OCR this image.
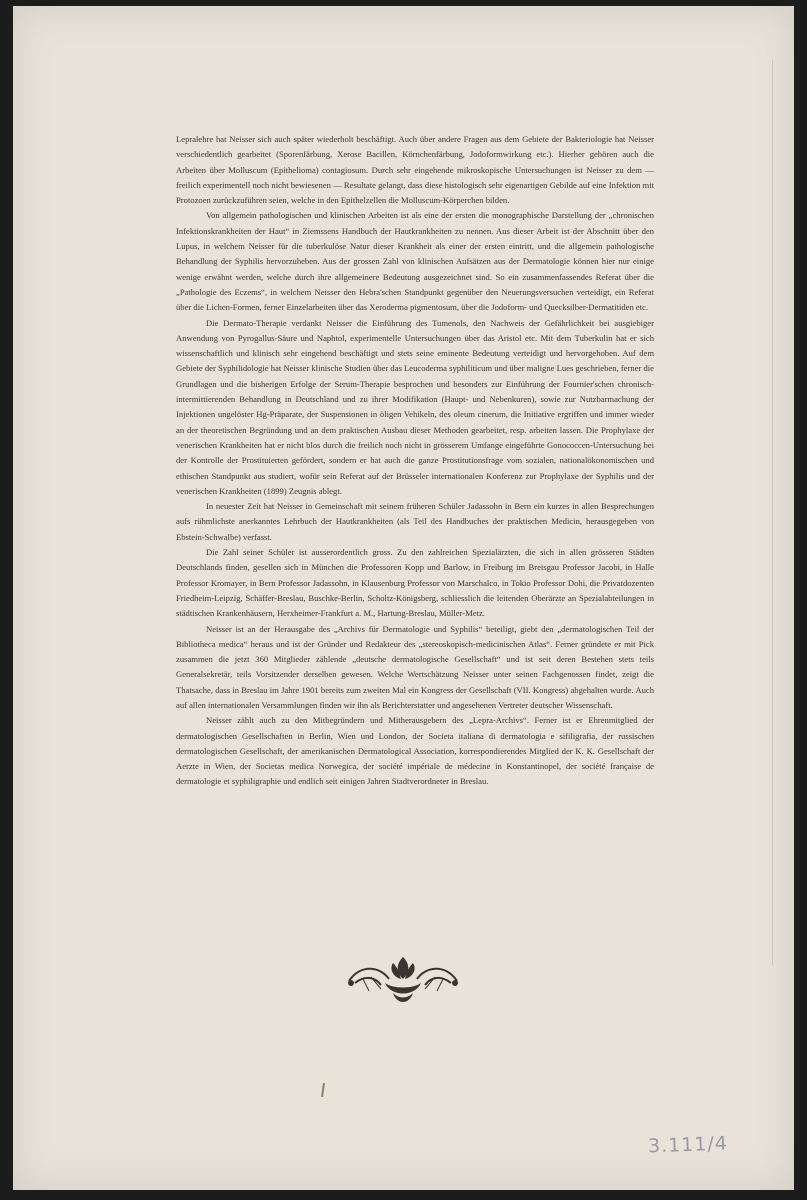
Lepralehre hat Neisser sich auch später wiederholt beschäftigt. Auch über andere Fragen aus dem Gebiete der Bakteriologie hat Neisser verschiedentlich gearbeitet (Sporenfärbung, Xerose Bacillen, Körnchenfärbung, Jodoformwirkung etc.). Hierher gehören auch die Arbeiten über Molluscum (Epithelioma) contagiosum. Durch sehr eingehende mikroskopische Untersuchungen ist Neisser zu dem — freilich experimentell noch nicht bewiesenen — Resultate gelangt, dass diese histologisch sehr eigenartigen Gebilde auf eine Infektion mit Protozoen zurückzuführen seien, welche in den Epithelzellen die Molluscum-Körperchen bilden.

Von allgemein pathologischen und klinischen Arbeiten ist als eine der ersten die monographische Darstellung der „chronischen Infektionskrankheiten der Haut“ in Ziemssens Handbuch der Hautkrankheiten zu nennen. Aus dieser Arbeit ist der Abschnitt über den Lupus, in welchem Neisser für die tuberkulöse Natur dieser Krankheit als einer der ersten eintritt, und die allgemein pathologische Behandlung der Syphilis hervorzuheben. Aus der grossen Zahl von klinischen Aufsätzen aus der Dermatologie können hier nur einige wenige erwähnt werden, welche durch ihre allgemeinere Bedeutung ausgezeichnet sind. So ein zusammenfassendes Referat über die „Pathologie des Eczems“, in welchem Neisser den Hebra'schen Standpunkt gegenüber den Neuerungsversuchen verteidigt, ein Referat über die Lichen-Formen, ferner Einzelarbeiten über das Xeroderma pigmentosum, über die Jodoform- und Quecksilber-Dermatitiden etc.

Die Dermato-Therapie verdankt Neisser die Einführung des Tumenols, den Nachweis der Gefährlichkeit bei ausgiebiger Anwendung von Pyrogallus-Säure und Naphtol, experimentelle Untersuchungen über das Aristol etc. Mit dem Tuberkulin hat er sich wissenschaftlich und klinisch sehr eingehend beschäftigt und stets seine eminente Bedeutung verteidigt und hervorgehoben. Auf dem Gebiete der Syphilidologie hat Neisser klinische Studien über das Leucoderma syphiliticum und über maligne Lues geschrieben, ferner die Grundlagen und die bisherigen Erfolge der Serum-Therapie besprochen und besonders zur Einführung der Fournier'schen chronisch-intermittierenden Behandlung in Deutschland und zu ihrer Modifikation (Haupt- und Nebenkuren), sowie zur Nutzbarmachung der Injektionen ungelöster Hg-Präparate, der Suspensionen in öligen Vehikeln, des oleum cinerum, die Initiative ergriffen und immer wieder an der theoretischen Begründung und an dem praktischen Ausbau dieser Methoden gearbeitet, resp. arbeiten lassen. Die Prophylaxe der venerischen Krankheiten hat er nicht blos durch die freilich noch nicht in grösserem Umfange eingeführte Gonococcen-Untersuchung bei der Kontrolle der Prostituierten gefördert, sondern er hat auch die ganze Prostitutionsfrage vom sozialen, nationalökonomischen und ethischen Standpunkt aus studiert, wofür sein Referat auf der Brüsseler internationalen Konferenz zur Prophylaxe der Syphilis und der venerischen Krankheiten (1899) Zeugnis ablegt.

In neuester Zeit hat Neisser in Gemeinschaft mit seinem früheren Schüler Jadassohn in Bern ein kurzes in allen Besprechungen aufs rühmlichste anerkanntes Lehrbuch der Hautkrankheiten (als Teil des Handbuches der praktischen Medicin, herausgegeben von Ebstein-Schwalbe) verfasst.

Die Zahl seiner Schüler ist ausserordentlich gross. Zu den zahlreichen Spezialärzten, die sich in allen grösseren Städten Deutschlands finden, gesellen sich in München die Professoren Kopp und Barlow, in Freiburg im Breisgau Professor Jacobi, in Halle Professor Kromayer, in Bern Professor Jadassohn, in Klausenburg Professor von Marschalco, in Tokio Professor Dohi, die Privatdozenten Friedheim-Leipzig, Schäffer-Breslau, Buschke-Berlin, Scholtz-Königsberg, schliesslich die leitenden Oberärzte an Spezialabteilungen in städtischen Krankenhäusern, Herxheimer-Frankfurt a. M., Hartung-Breslau, Müller-Metz.

Neisser ist an der Herausgabe des „Archivs für Dermatologie und Syphilis“ beteiligt, giebt den „dermatologischen Teil der Bibliotheca medica“ heraus und ist der Gründer und Redakteur des „stereoskopisch-medicinischen Atlas“. Ferner gründete er mit Pick zusammen die jetzt 360 Mitglieder zählende „deutsche dermatologische Gesellschaft“ und ist seit deren Bestehen stets teils Generalsekretär, teils Vorsitzender derselben gewesen. Welche Wertschätzung Neisser unter seinen Fachgenossen findet, zeigt die Thatsache, dass in Breslau im Jahre 1901 bereits zum zweiten Mal ein Kongress der Gesellschaft (VII. Kongress) abgehalten wurde. Auch auf allen internationalen Versammlungen finden wir ihn als Berichterstatter und angesehenen Vertreter deutscher Wissenschaft.

Neisser zählt auch zu den Mitbegründern und Mitherausgebern des „Lepra-Archivs“. Ferner ist er Ehrenmitglied der dermatologischen Gesellschaften in Berlin, Wien und London, der Societa italiana di dermatologia e sifiligrafia, der russischen dermatologischen Gesellschaft, der amerikanischen Dermatological Association, korrespondierendes Mitglied der K. K. Gesellschaft der Aerzte in Wien, der Societas medica Norwegica, der société impériale de médecine in Konstantinopel, der société française de dermatologie et syphiligraphie und endlich seit einigen Jahren Stadtverordneter in Breslau.

3.111/4
